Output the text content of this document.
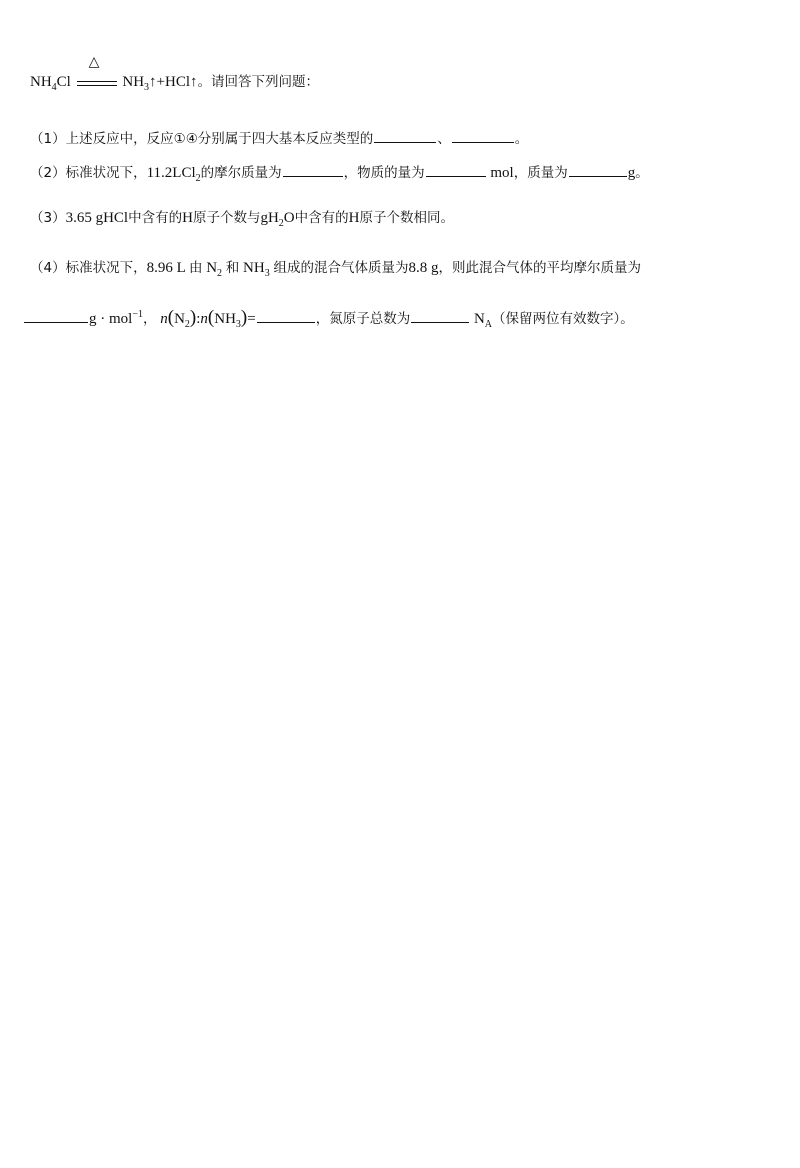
$NH_4Cl$
△
$NH_3↑+HCl↑$。请回答下列问题：
（1）上述反应中，反应①④分别属于四大基本反应类型的	、	。
（2）标准状况下，11.2LCl$_2$的摩尔质量为	，物质的量为	mol，质量为	g。
（3）3.65 gHCl中含有的H原子个数与$gH_2O$中含有的H原子个数相同。
（4）标准状况下，8.96 L 由 $N_2$ 和 $NH_3$ 组成的混合气体质量为8.8 g，则此混合气体的平均摩尔质量为
g · mol$^{-1}$， $n(N_2):n(NH_3)=$	，氮原子总数为	$N_A$（保留两位有效数字）。
